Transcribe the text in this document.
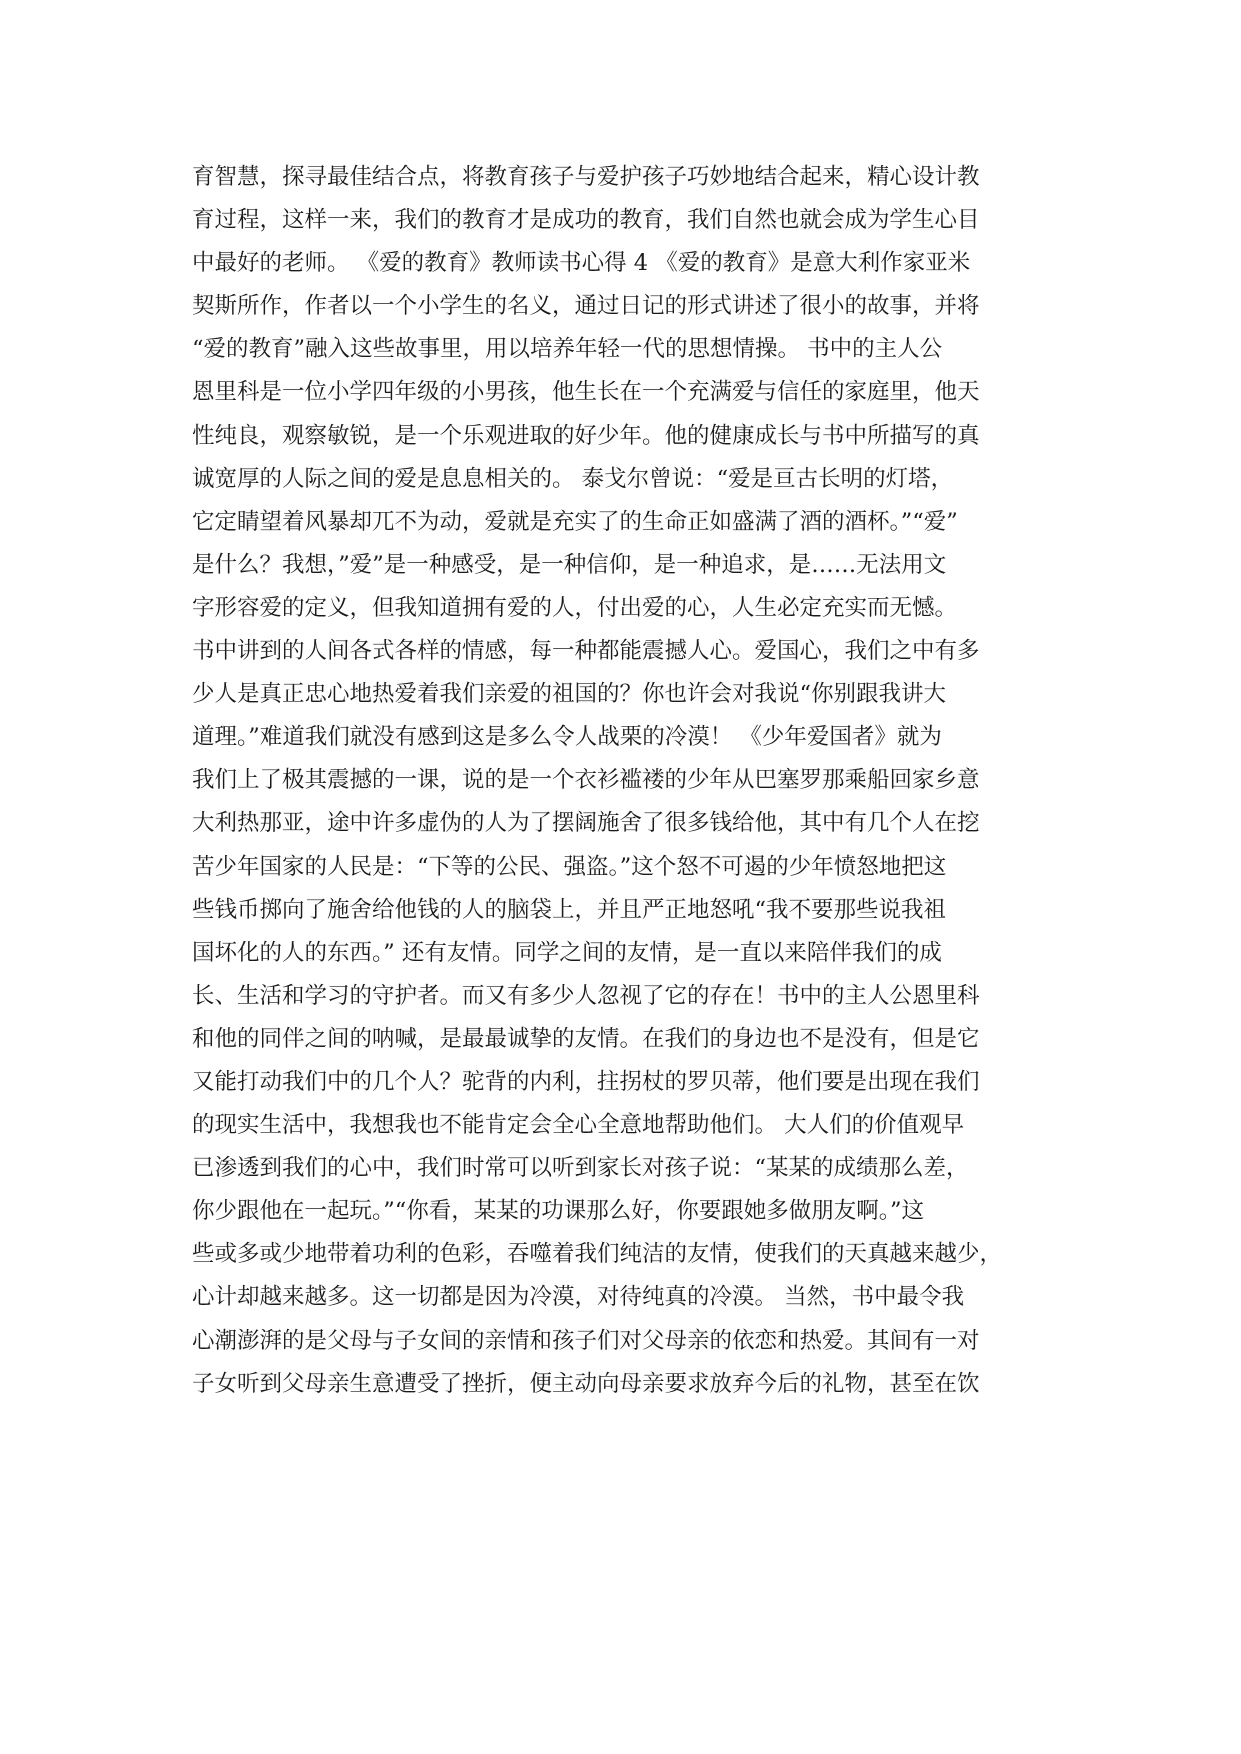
育智慧，探寻最佳结合点，将教育孩子与爱护孩子巧妙地结合起来，精心设计教
育过程，这样一来，我们的教育才是成功的教育，我们自然也就会成为学生心目
中最好的老师。 《爱的教育》教师读书心得 4 《爱的教育》是意大利作家亚米
契斯所作，作者以一个小学生的名义，通过日记的形式讲述了很小的故事，并将
“爱的教育”融入这些故事里，用以培养年轻一代的思想情操。 书中的主人公
恩里科是一位小学四年级的小男孩，他生长在一个充满爱与信任的家庭里，他天
性纯良，观察敏锐，是一个乐观进取的好少年。他的健康成长与书中所描写的真
诚宽厚的人际之间的爱是息息相关的。 泰戈尔曾说：“爱是亘古长明的灯塔，
它定睛望着风暴却兀不为动，爱就是充实了的生命正如盛满了酒的酒杯。”“爱”
是什么？我想，”爱”是一种感受，是一种信仰，是一种追求，是……无法用文
字形容爱的定义，但我知道拥有爱的人，付出爱的心，人生必定充实而无憾。
书中讲到的人间各式各样的情感，每一种都能震撼人心。爱国心，我们之中有多
少人是真正忠心地热爱着我们亲爱的祖国的？你也许会对我说“你别跟我讲大
道理。”难道我们就没有感到这是多么令人战栗的冷漠！ 《少年爱国者》就为
我们上了极其震撼的一课，说的是一个衣衫褴褛的少年从巴塞罗那乘船回家乡意
大利热那亚，途中许多虚伪的人为了摆阔施舍了很多钱给他，其中有几个人在挖
苦少年国家的人民是：“下等的公民、强盗。”这个怒不可遏的少年愤怒地把这
些钱币掷向了施舍给他钱的人的脑袋上，并且严正地怒吼“我不要那些说我祖
国坏化的人的东西。” 还有友情。同学之间的友情，是一直以来陪伴我们的成
长、生活和学习的守护者。而又有多少人忽视了它的存在！书中的主人公恩里科
和他的同伴之间的呐喊，是最最诚挚的友情。在我们的身边也不是没有，但是它
又能打动我们中的几个人？驼背的内利，拄拐杖的罗贝蒂，他们要是出现在我们
的现实生活中，我想我也不能肯定会全心全意地帮助他们。 大人们的价值观早
已渗透到我们的心中，我们时常可以听到家长对孩子说：“某某的成绩那么差，
你少跟他在一起玩。”“你看，某某的功课那么好，你要跟她多做朋友啊。”这
些或多或少地带着功利的色彩，吞噬着我们纯洁的友情，使我们的天真越来越少，
心计却越来越多。这一切都是因为冷漠，对待纯真的冷漠。 当然，书中最令我
心潮澎湃的是父母与子女间的亲情和孩子们对父母亲的依恋和热爱。其间有一对
子女听到父母亲生意遭受了挫折，便主动向母亲要求放弃今后的礼物，甚至在饮
